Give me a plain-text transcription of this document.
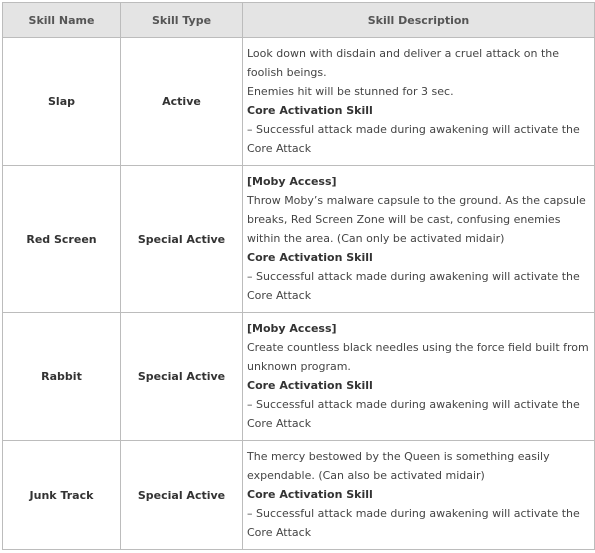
Skill Name	Skill Type	Skill Description
Slap	Active	Look down with disdain and deliver a cruel attack on the foolish beings.
Enemies hit will be stunned for 3 sec.
Core Activation Skill
– Successful attack made during awakening will activate the Core Attack

Red Screen	Special Active	[Moby Access]
Throw Moby’s malware capsule to the ground. As the capsule breaks, Red Screen Zone will be cast, confusing enemies within the area. (Can only be activated midair)
Core Activation Skill
– Successful attack made during awakening will activate the Core Attack

Rabbit	Special Active	[Moby Access]
Create countless black needles using the force field built from unknown program.
Core Activation Skill
– Successful attack made during awakening will activate the Core Attack

Junk Track	Special Active	The mercy bestowed by the Queen is something easily expendable. (Can also be activated midair)
Core Activation Skill
– Successful attack made during awakening will activate the Core Attack
